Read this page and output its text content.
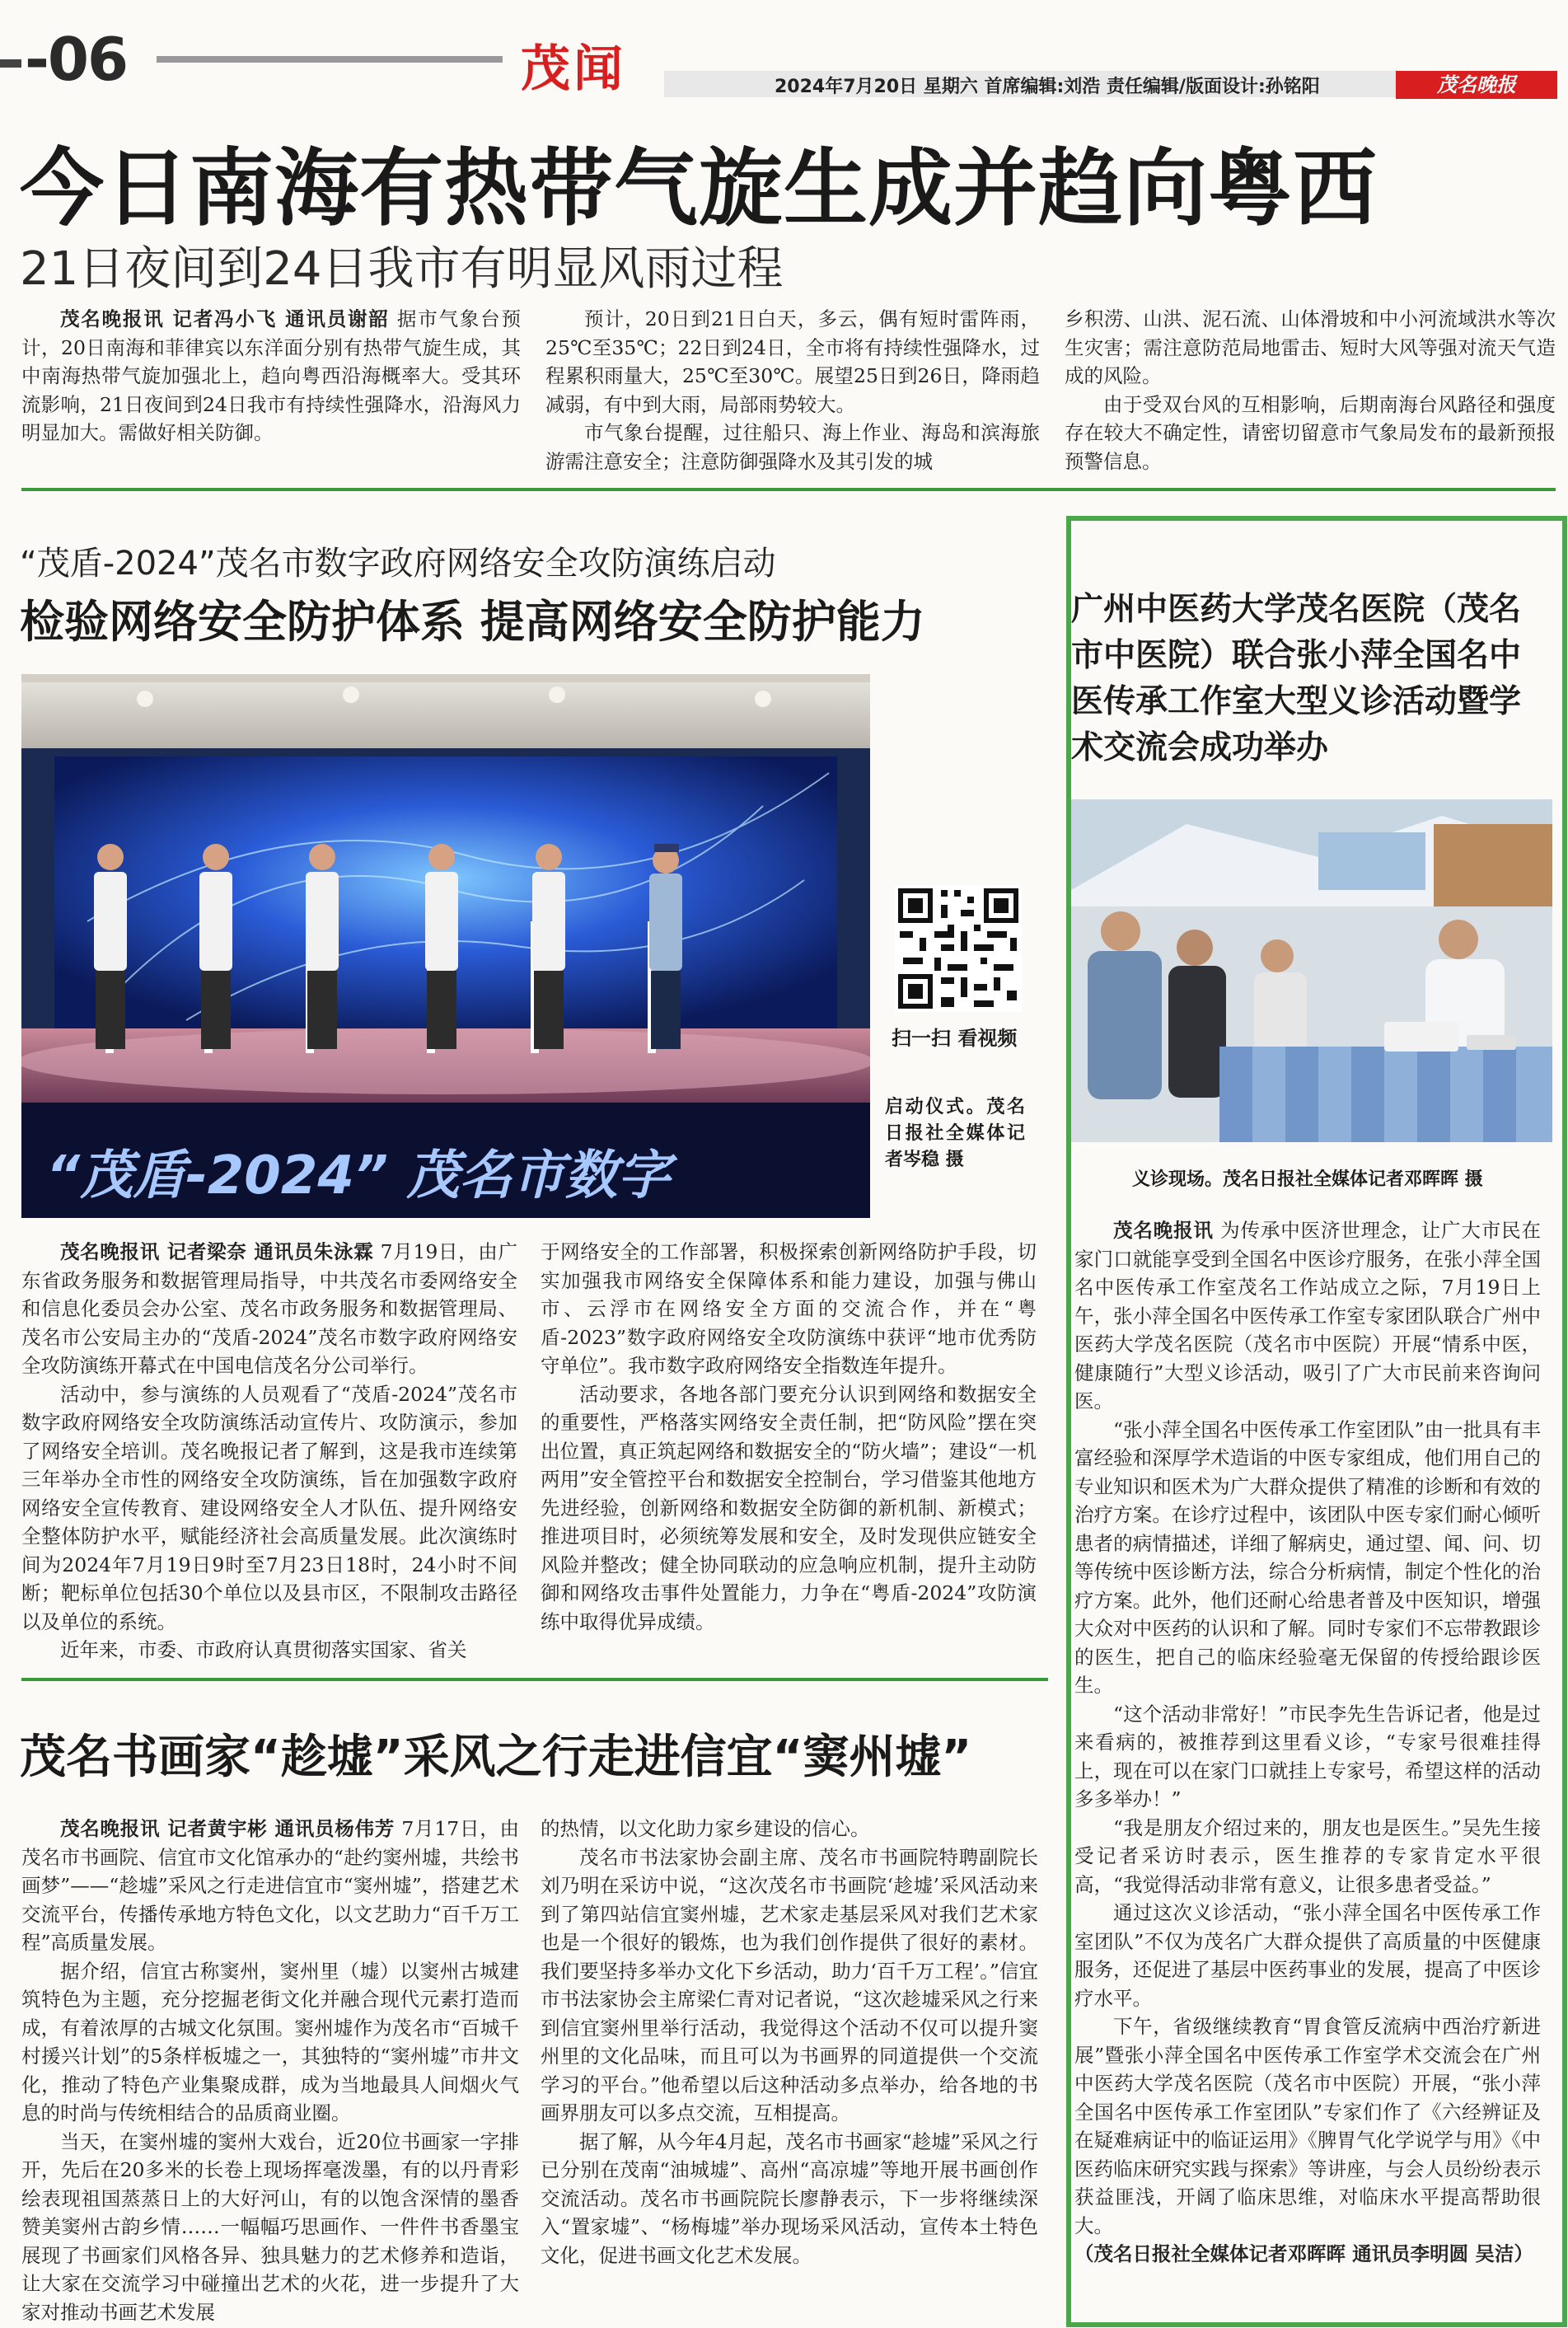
-06	茂闻	2024年7月20日 星期六 首席编辑:刘浩 责任编辑/版面设计:孙铭阳	茂名晚报
今日南海有热带气旋生成并趋向粤西
21日夜间到24日我市有明显风雨过程

茂名晚报讯 记者冯小飞 通讯员谢韶 据市气象台预计，20日南海和菲律宾以东洋面分别有热带气旋生成，其中南海热带气旋加强北上，趋向粤西沿海概率大。受其环流影响，21日夜间到24日我市有持续性强降水，沿海风力明显加大。需做好相关防御。

预计，20日到21日白天，多云，偶有短时雷阵雨，25℃至35℃；22日到24日，全市将有持续性强降水，过程累积雨量大，25℃至30℃。展望25日到26日，降雨趋减弱，有中到大雨，局部雨势较大。

市气象台提醒，过往船只、海上作业、海岛和滨海旅游需注意安全；注意防御强降水及其引发的城

乡积涝、山洪、泥石流、山体滑坡和中小河流域洪水等次生灾害；需注意防范局地雷击、短时大风等强对流天气造成的风险。

由于受双台风的互相影响，后期南海台风路径和强度存在较大不确定性，请密切留意市气象局发布的最新预报预警信息。

“茂盾-2024”茂名市数字政府网络安全攻防演练启动
检验网络安全防护体系 提高网络安全防护能力
“茂盾-2024” 茂名市数字
扫一扫 看视频
启动仪式。茂名日报社全媒体记者岑稳 摄

茂名晚报讯 记者梁奈 通讯员朱泳霖 7月19日，由广东省政务服务和数据管理局指导，中共茂名市委网络安全和信息化委员会办公室、茂名市政务服务和数据管理局、茂名市公安局主办的“茂盾-2024”茂名市数字政府网络安全攻防演练开幕式在中国电信茂名分公司举行。

活动中，参与演练的人员观看了“茂盾-2024”茂名市数字政府网络安全攻防演练活动宣传片、攻防演示，参加了网络安全培训。茂名晚报记者了解到，这是我市连续第三年举办全市性的网络安全攻防演练，旨在加强数字政府网络安全宣传教育、建设网络安全人才队伍、提升网络安全整体防护水平，赋能经济社会高质量发展。此次演练时间为2024年7月19日9时至7月23日18时，24小时不间断；靶标单位包括30个单位以及县市区，不限制攻击路径以及单位的系统。

近年来，市委、市政府认真贯彻落实国家、省关

于网络安全的工作部署，积极探索创新网络防护手段，切实加强我市网络安全保障体系和能力建设，加强与佛山市、云浮市在网络安全方面的交流合作，并在“粤盾-2023”数字政府网络安全攻防演练中获评“地市优秀防守单位”。我市数字政府网络安全指数连年提升。

活动要求，各地各部门要充分认识到网络和数据安全的重要性，严格落实网络安全责任制，把“防风险”摆在突出位置，真正筑起网络和数据安全的“防火墙”；建设“一机两用”安全管控平台和数据安全控制台，学习借鉴其他地方先进经验，创新网络和数据安全防御的新机制、新模式；推进项目时，必须统筹发展和安全，及时发现供应链安全风险并整改；健全协同联动的应急响应机制，提升主动防御和网络攻击事件处置能力，力争在“粤盾-2024”攻防演练中取得优异成绩。

茂名书画家“趁墟”采风之行走进信宜“窦州墟”

茂名晚报讯 记者黄宇彬 通讯员杨伟芳 7月17日，由茂名市书画院、信宜市文化馆承办的“赴约窦州墟，共绘书画梦”——“趁墟”采风之行走进信宜市“窦州墟”，搭建艺术交流平台，传播传承地方特色文化，以文艺助力“百千万工程”高质量发展。

据介绍，信宜古称窦州，窦州里（墟）以窦州古城建筑特色为主题，充分挖掘老街文化并融合现代元素打造而成，有着浓厚的古城文化氛围。窦州墟作为茂名市“百城千村援兴计划”的5条样板墟之一，其独特的“窦州墟”市井文化，推动了特色产业集聚成群，成为当地最具人间烟火气息的时尚与传统相结合的品质商业圈。

当天，在窦州墟的窦州大戏台，近20位书画家一字排开，先后在20多米的长卷上现场挥毫泼墨，有的以丹青彩绘表现祖国蒸蒸日上的大好河山，有的以饱含深情的墨香赞美窦州古韵乡情……一幅幅巧思画作、一件件书香墨宝展现了书画家们风格各异、独具魅力的艺术修养和造诣，让大家在交流学习中碰撞出艺术的火花，进一步提升了大家对推动书画艺术发展

的热情，以文化助力家乡建设的信心。

茂名市书法家协会副主席、茂名市书画院特聘副院长刘乃明在采访中说，“这次茂名市书画院‘趁墟’采风活动来到了第四站信宜窦州墟，艺术家走基层采风对我们艺术家也是一个很好的锻炼，也为我们创作提供了很好的素材。我们要坚持多举办文化下乡活动，助力‘百千万工程’。”信宜市书法家协会主席梁仁青对记者说，“这次趁墟采风之行来到信宜窦州里举行活动，我觉得这个活动不仅可以提升窦州里的文化品味，而且可以为书画界的同道提供一个交流学习的平台。”他希望以后这种活动多点举办，给各地的书画界朋友可以多点交流，互相提高。

据了解，从今年4月起，茂名市书画家“趁墟”采风之行已分别在茂南“油城墟”、高州“高凉墟”等地开展书画创作交流活动。茂名市书画院院长廖静表示，下一步将继续深入“置家墟”、“杨梅墟”举办现场采风活动，宣传本土特色文化，促进书画文化艺术发展。

广州中医药大学茂名医院（茂名市中医院）联合张小萍全国名中医传承工作室大型义诊活动暨学术交流会成功举办
义诊现场。茂名日报社全媒体记者邓晖晖 摄

茂名晚报讯 为传承中医济世理念，让广大市民在家门口就能享受到全国名中医诊疗服务，在张小萍全国名中医传承工作室茂名工作站成立之际，7月19日上午，张小萍全国名中医传承工作室专家团队联合广州中医药大学茂名医院（茂名市中医院）开展“情系中医，健康随行”大型义诊活动，吸引了广大市民前来咨询问医。

“张小萍全国名中医传承工作室团队”由一批具有丰富经验和深厚学术造诣的中医专家组成，他们用自己的专业知识和医术为广大群众提供了精准的诊断和有效的治疗方案。在诊疗过程中，该团队中医专家们耐心倾听患者的病情描述，详细了解病史，通过望、闻、问、切等传统中医诊断方法，综合分析病情，制定个性化的治疗方案。此外，他们还耐心给患者普及中医知识，增强大众对中医药的认识和了解。同时专家们不忘带教跟诊的医生，把自己的临床经验毫无保留的传授给跟诊医生。

“这个活动非常好！”市民李先生告诉记者，他是过来看病的，被推荐到这里看义诊，“专家号很难挂得上，现在可以在家门口就挂上专家号，希望这样的活动多多举办！”

“我是朋友介绍过来的，朋友也是医生。”吴先生接受记者采访时表示，医生推荐的专家肯定水平很高，“我觉得活动非常有意义，让很多患者受益。”

通过这次义诊活动，“张小萍全国名中医传承工作室团队”不仅为茂名广大群众提供了高质量的中医健康服务，还促进了基层中医药事业的发展，提高了中医诊疗水平。

下午，省级继续教育“胃食管反流病中西治疗新进展”暨张小萍全国名中医传承工作室学术交流会在广州中医药大学茂名医院（茂名市中医院）开展，“张小萍全国名中医传承工作室团队”专家们作了《六经辨证及在疑难病证中的临证运用》《脾胃气化学说学与用》《中医药临床研究实践与探索》等讲座，与会人员纷纷表示获益匪浅，开阔了临床思维，对临床水平提高帮助很大。

（茂名日报社全媒体记者邓晖晖 通讯员李明圆 吴洁）
